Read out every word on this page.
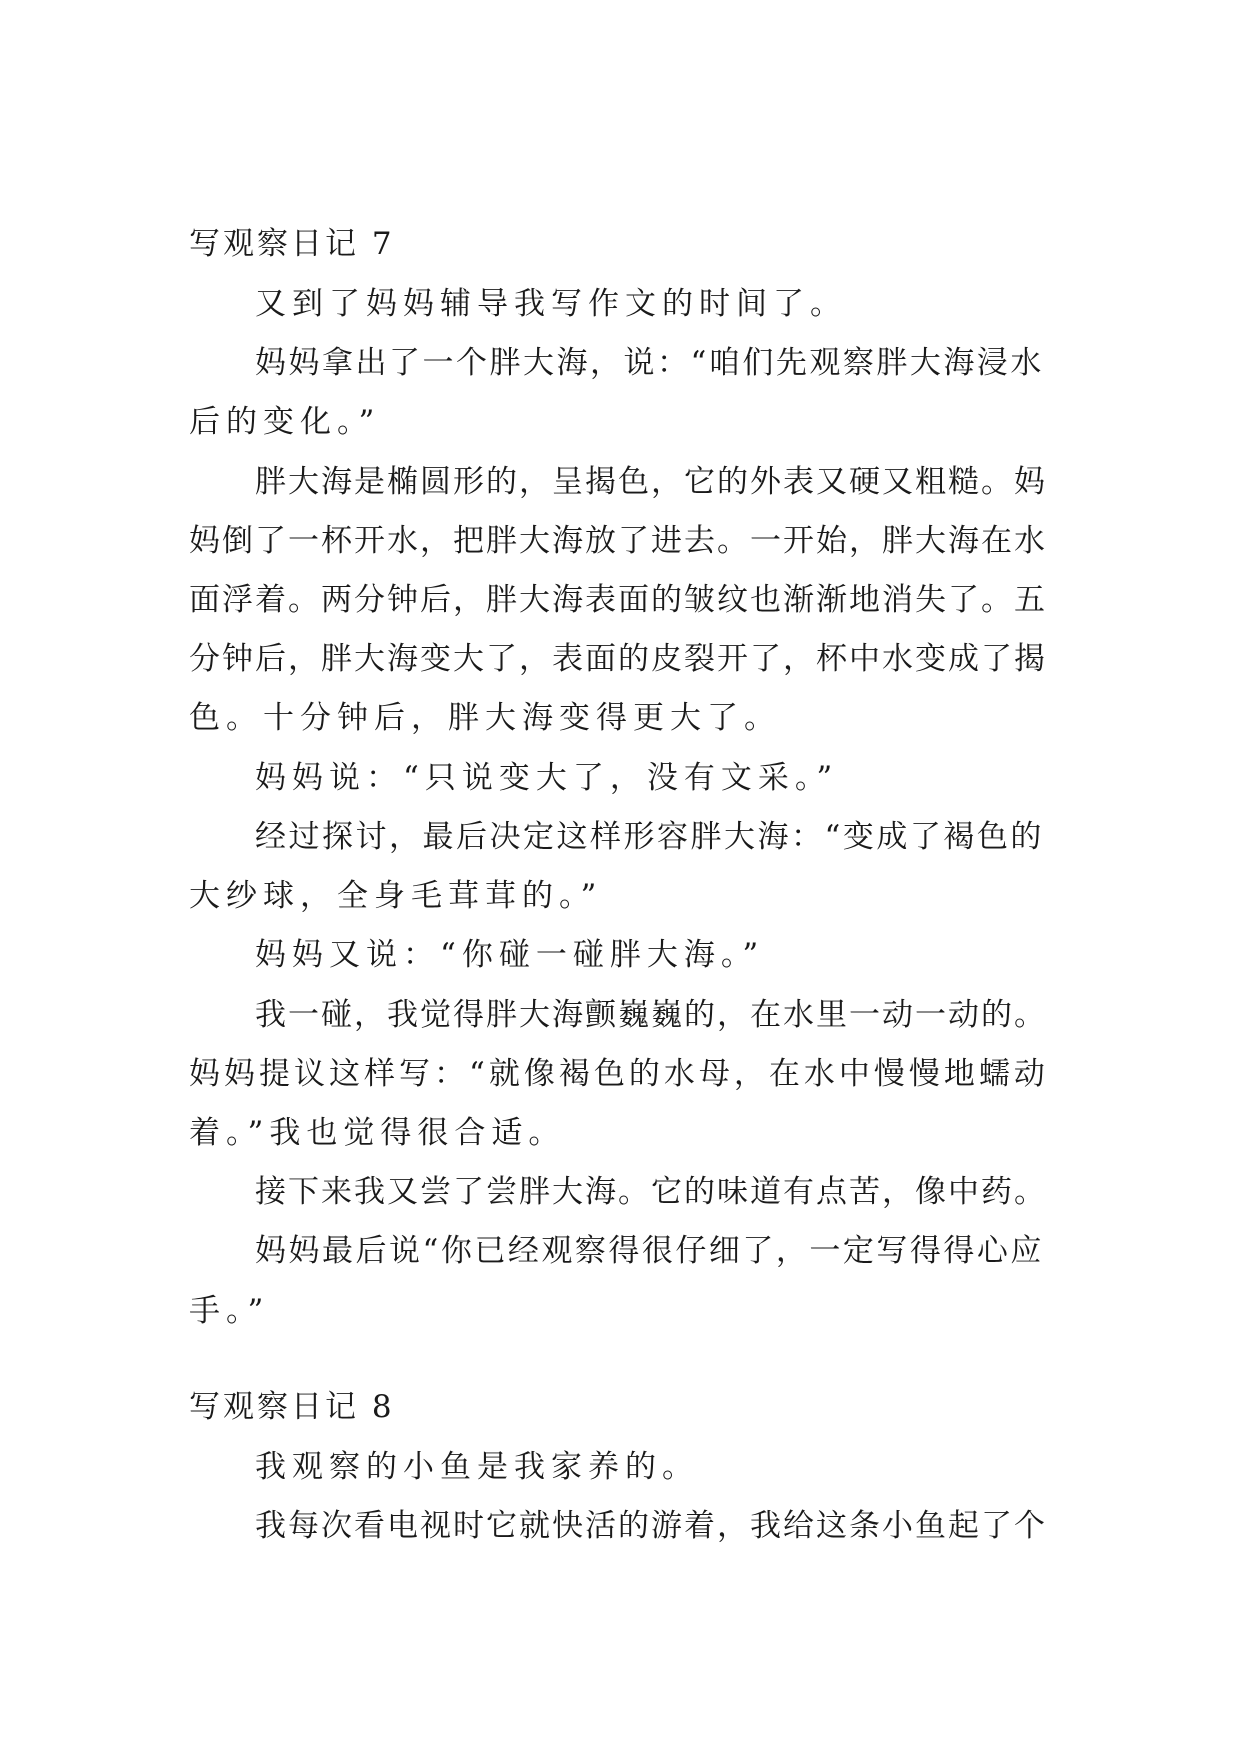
写观察日记 7
又到了妈妈辅导我写作文的时间了。
妈妈拿出了一个胖大海，说：“咱们先观察胖大海浸水
后的变化。”
胖大海是椭圆形的，呈揭色，它的外表又硬又粗糙。妈
妈倒了一杯开水，把胖大海放了进去。一开始，胖大海在水
面浮着。两分钟后，胖大海表面的皱纹也渐渐地消失了。五
分钟后，胖大海变大了，表面的皮裂开了，杯中水变成了揭
色。十分钟后，胖大海变得更大了。
妈妈说：“只说变大了，没有文采。”
经过探讨，最后决定这样形容胖大海：“变成了褐色的
大纱球，全身毛茸茸的。”
妈妈又说：“你碰一碰胖大海。”
我一碰，我觉得胖大海颤巍巍的，在水里一动一动的。
妈妈提议这样写：“就像褐色的水母，在水中慢慢地蠕动
着。”我也觉得很合适。
接下来我又尝了尝胖大海。它的味道有点苦，像中药。
妈妈最后说“你已经观察得很仔细了，一定写得得心应
手。”
写观察日记 8
我观察的小鱼是我家养的。
我每次看电视时它就快活的游着，我给这条小鱼起了个
